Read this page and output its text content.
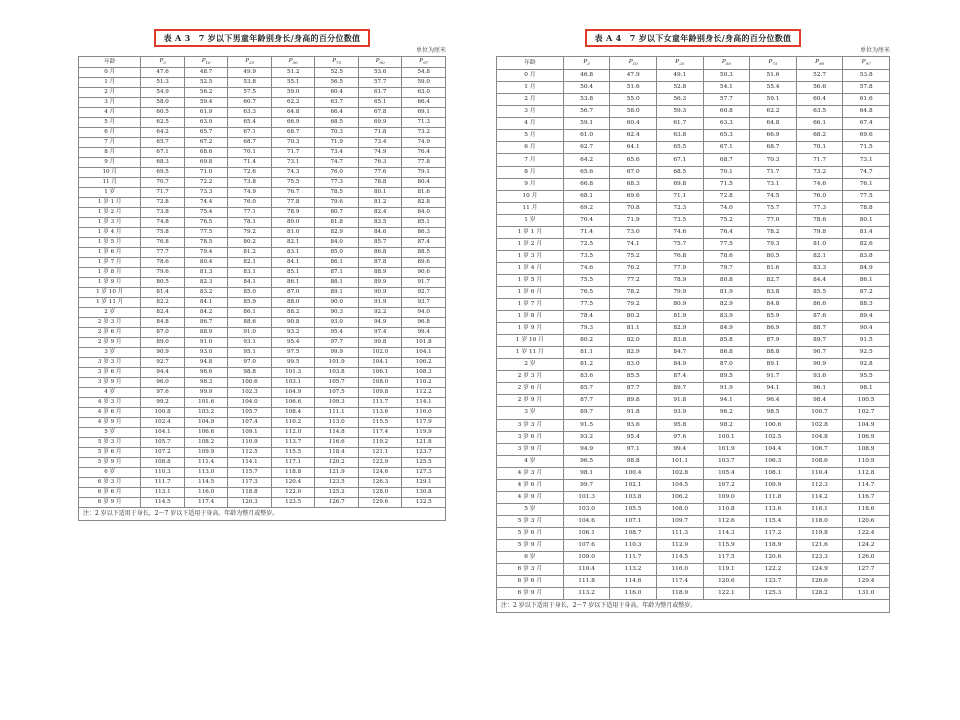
表 A 3　7 岁以下男童年龄别身长/身高的百分位数值
单位为厘米
年龄	$P_3$	$P_{10}$	$P_{25}$	$P_{50}$	$P_{75}$	$P_{90}$	$P_{97}$
0 月	47.6	48.7	49.9	51.2	52.5	53.6	54.8
1 月	51.3	52.5	53.8	55.1	56.5	57.7	59.0
2 月	54.9	56.2	57.5	59.0	60.4	61.7	63.0
3 月	58.0	59.4	60.7	62.2	63.7	65.1	66.4
4 月	60.5	61.9	63.3	64.8	66.4	67.8	69.1
5 月	62.5	63.9	65.4	66.9	68.5	69.9	71.3
6 月	64.2	65.7	67.1	68.7	70.3	71.8	73.2
7 月	65.7	67.2	68.7	70.3	71.9	73.4	74.9
8 月	67.1	68.6	70.1	71.7	73.4	74.9	76.4
9 月	68.3	69.8	71.4	73.1	74.7	76.3	77.8
10 月	69.5	71.0	72.6	74.3	76.0	77.6	79.1
11 月	70.7	72.2	73.8	75.5	77.3	78.8	80.4
1 岁	71.7	73.3	74.9	76.7	78.5	80.1	81.6
1 岁 1 月	72.8	74.4	76.0	77.8	79.6	81.2	82.8
1 岁 2 月	73.8	75.4	77.1	78.9	80.7	82.4	84.0
1 岁 3 月	74.8	76.5	78.1	80.0	81.8	83.5	85.1
1 岁 4 月	75.8	77.5	79.2	81.0	82.9	84.6	86.3
1 岁 5 月	76.8	78.5	80.2	82.1	84.0	85.7	87.4
1 岁 6 月	77.7	79.4	81.2	83.1	85.0	86.8	88.5
1 岁 7 月	78.6	80.4	82.1	84.1	86.1	87.8	89.6
1 岁 8 月	79.6	81.3	83.1	85.1	87.1	88.9	90.6
1 岁 9 月	80.5	82.3	84.1	86.1	88.1	89.9	91.7
1 岁 10 月	81.4	83.2	85.0	87.0	89.1	90.9	92.7
1 岁 11 月	82.2	84.1	85.9	88.0	90.0	91.9	93.7
2 岁	82.4	84.2	86.1	88.2	90.3	92.2	94.0
2 岁 3 月	84.8	86.7	88.6	90.8	93.0	94.9	96.8
2 岁 6 月	87.0	88.9	91.0	93.2	95.4	97.4	99.4
2 岁 9 月	89.0	91.0	93.1	95.4	97.7	99.8	101.8
3 岁	90.9	93.0	95.1	97.5	99.9	102.0	104.1
3 岁 3 月	92.7	94.8	97.0	99.5	101.9	104.1	106.2
3 岁 6 月	94.4	96.6	98.8	101.3	103.8	106.1	108.3
3 岁 9 月	96.0	98.3	100.6	103.1	105.7	108.0	110.2
4 岁	97.6	99.9	102.3	104.9	107.5	109.8	112.2
4 岁 3 月	99.2	101.6	104.0	106.6	109.3	111.7	114.1
4 岁 6 月	100.8	103.2	105.7	108.4	111.1	113.6	116.0
4 岁 9 月	102.4	104.9	107.4	110.2	113.0	115.5	117.9
5 岁	104.1	106.6	109.1	112.0	114.8	117.4	119.9
5 岁 3 月	105.7	108.2	110.9	113.7	116.6	119.2	121.8
5 岁 6 月	107.2	109.9	112.5	115.5	118.4	121.1	123.7
5 岁 9 月	108.8	111.4	114.1	117.1	120.2	122.9	125.5
6 岁	110.3	113.0	115.7	118.8	121.9	124.6	127.3
6 岁 3 月	111.7	114.5	117.3	120.4	123.5	126.3	129.1
6 岁 6 月	113.1	116.0	118.8	122.0	125.2	128.0	130.8
6 岁 9 月	114.5	117.4	120.3	123.5	126.7	129.6	132.5
注：2 岁以下适用于身长，2～7 岁以下适用于身高。年龄为整月或整岁。
表 A 4　7 岁以下女童年龄别身长/身高的百分位数值
单位为厘米
年龄	$P_3$	$P_{10}$	$P_{25}$	$P_{50}$	$P_{75}$	$P_{90}$	$P_{97}$
0 月	46.8	47.9	49.1	50.3	51.6	52.7	53.8
1 月	50.4	51.6	52.8	54.1	55.4	56.6	57.8
2 月	53.8	55.0	56.3	57.7	59.1	60.4	61.6
3 月	56.7	58.0	59.3	60.8	62.2	63.5	64.8
4 月	59.1	60.4	61.7	63.3	64.8	66.1	67.4
5 月	61.0	62.4	63.8	65.3	66.9	68.2	69.6
6 月	62.7	64.1	65.5	67.1	68.7	70.1	71.5
7 月	64.2	65.6	67.1	68.7	70.3	71.7	73.1
8 月	65.6	67.0	68.5	70.1	71.7	73.2	74.7
9 月	66.8	68.3	69.8	71.5	73.1	74.6	76.1
10 月	68.1	69.6	71.1	72.8	74.5	76.0	77.5
11 月	69.2	70.8	72.3	74.0	75.7	77.3	78.8
1 岁	70.4	71.9	73.5	75.2	77.0	78.6	80.1
1 岁 1 月	71.4	73.0	74.6	76.4	78.2	79.8	81.4
1 岁 2 月	72.5	74.1	75.7	77.5	79.3	81.0	82.6
1 岁 3 月	73.5	75.2	76.8	78.6	80.5	82.1	83.8
1 岁 4 月	74.6	76.2	77.9	79.7	81.6	83.3	84.9
1 岁 5 月	75.5	77.2	78.9	80.8	82.7	84.4	86.1
1 岁 6 月	76.5	78.2	79.9	81.9	83.8	85.5	87.2
1 岁 7 月	77.5	79.2	80.9	82.9	84.8	86.6	88.3
1 岁 8 月	78.4	80.2	81.9	83.9	85.9	87.6	89.4
1 岁 9 月	79.3	81.1	82.9	84.9	86.9	88.7	90.4
1 岁 10 月	80.2	82.0	83.8	85.8	87.9	89.7	91.5
1 岁 11 月	81.1	82.9	84.7	86.8	88.8	90.7	92.5
2 岁	81.2	83.0	84.9	87.0	89.1	90.9	92.8
2 岁 3 月	83.6	85.5	87.4	89.5	91.7	93.6	95.5
2 岁 6 月	85.7	87.7	89.7	91.9	94.1	96.1	98.1
2 岁 9 月	87.7	89.8	91.8	94.1	96.4	98.4	100.5
3 岁	89.7	91.8	93.9	96.2	98.5	100.7	102.7
3 岁 3 月	91.5	93.6	95.8	98.2	100.6	102.8	104.9
3 岁 6 月	93.2	95.4	97.6	100.1	102.5	104.8	106.9
3 岁 9 月	94.9	97.1	99.4	101.9	104.4	106.7	108.9
4 岁	96.5	98.8	101.1	103.7	106.3	108.6	110.9
4 岁 3 月	98.1	100.4	102.8	105.4	108.1	110.4	112.8
4 岁 6 月	99.7	102.1	104.5	107.2	109.9	112.3	114.7
4 岁 9 月	101.3	103.8	106.2	109.0	111.8	114.2	116.7
5 岁	103.0	105.5	108.0	110.8	113.6	116.1	118.6
5 岁 3 月	104.6	107.1	109.7	112.6	115.4	118.0	120.6
5 岁 6 月	106.1	108.7	111.3	114.3	117.2	119.8	122.4
5 岁 9 月	107.6	110.3	112.9	115.9	118.9	121.6	124.2
6 岁	109.0	111.7	114.5	117.5	120.6	123.3	126.0
6 岁 3 月	110.4	113.2	116.0	119.1	122.2	124.9	127.7
6 岁 6 月	111.8	114.6	117.4	120.6	123.7	126.6	129.4
6 岁 9 月	113.2	116.0	118.9	122.1	125.3	128.2	131.0
注：2 岁以下适用于身长，2～7 岁以下适用于身高。年龄为整月或整岁。
